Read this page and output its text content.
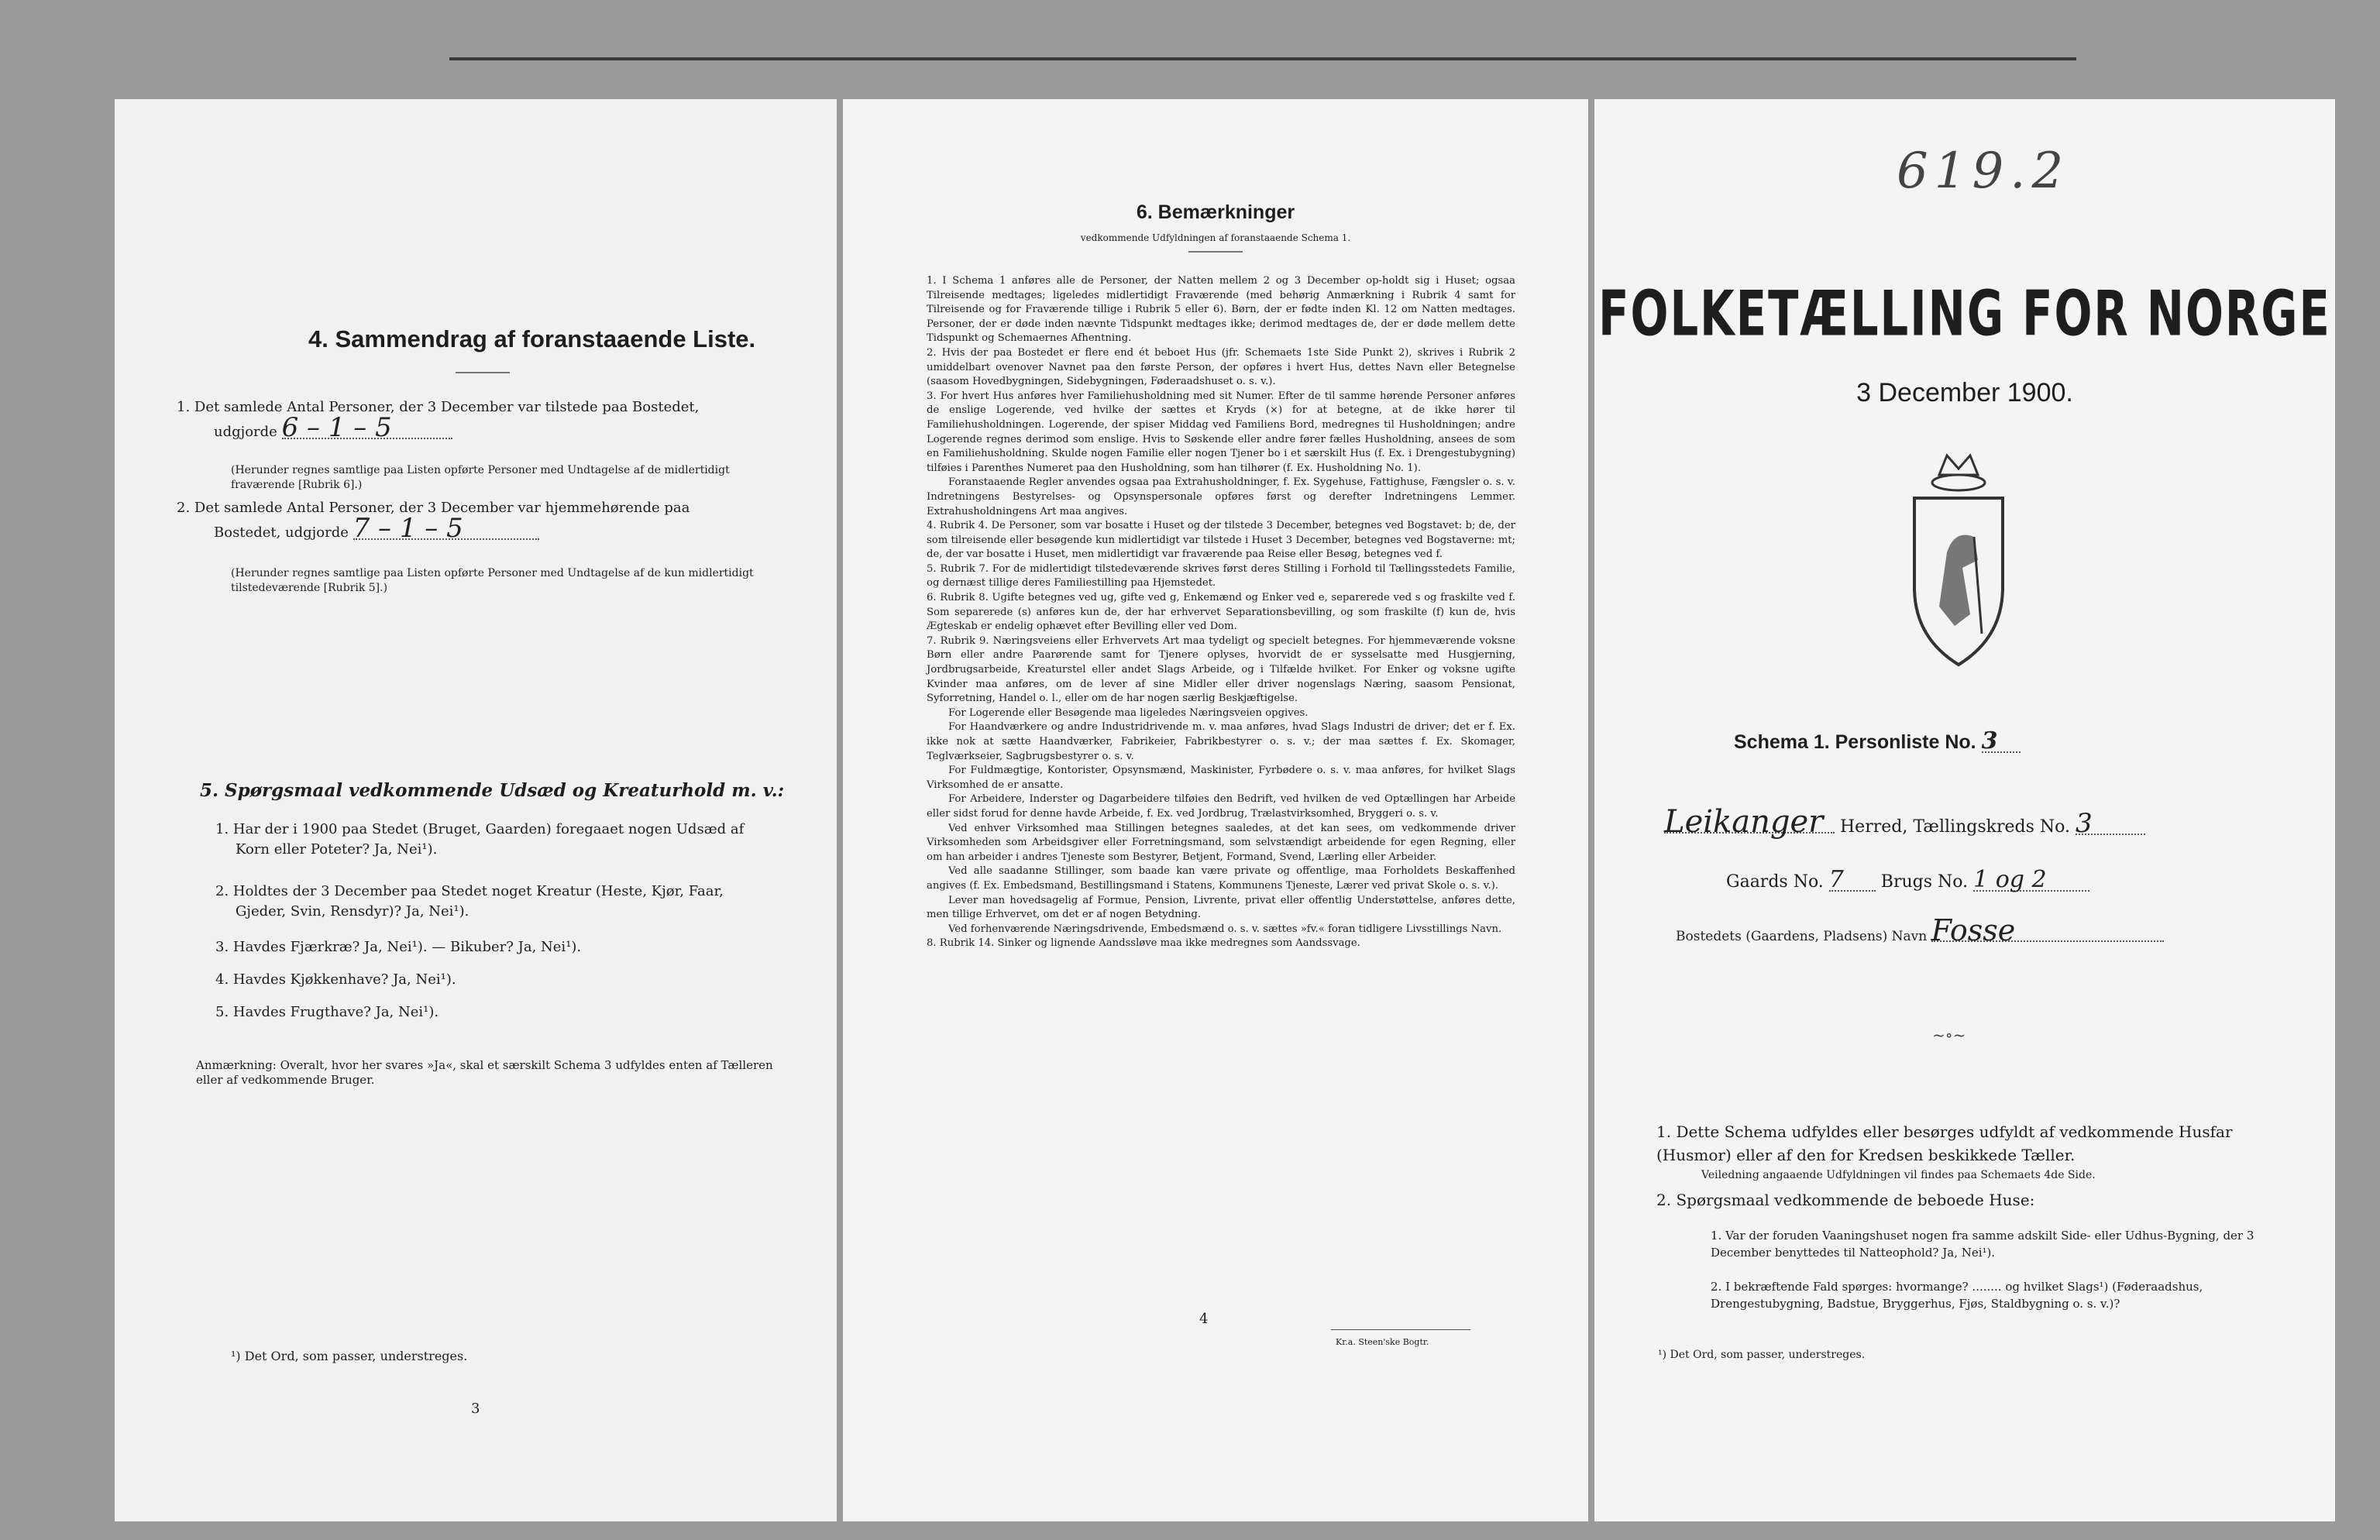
4. Sammendrag af foranstaaende Liste.
1. Det samlede Antal Personer, der 3 December var tilstede paa Bostedet,
udgjorde 6 – 1 – 5
(Herunder regnes samtlige paa Listen opførte Personer med Undtagelse af de midlertidigt fraværende [Rubrik 6].)
2. Det samlede Antal Personer, der 3 December var hjemmehørende paa
Bostedet, udgjorde 7 – 1 – 5
(Herunder regnes samtlige paa Listen opførte Personer med Undtagelse af de kun midlertidigt tilstedeværende [Rubrik 5].)
5. Spørgsmaal vedkommende Udsæd og Kreaturhold m. v.:
1. Har der i 1900 paa Stedet (Bruget, Gaarden) foregaaet nogen Udsæd af
Korn eller Poteter? Ja, Nei¹).
2. Holdtes der 3 December paa Stedet noget Kreatur (Heste, Kjør, Faar,
Gjeder, Svin, Rensdyr)? Ja, Nei¹).
3. Havdes Fjærkræ? Ja, Nei¹). — Bikuber? Ja, Nei¹).
4. Havdes Kjøkkenhave? Ja, Nei¹).
5. Havdes Frugthave? Ja, Nei¹).
Anmærkning: Overalt, hvor her svares »Ja«, skal et særskilt Schema 3 udfyldes enten af Tælleren eller af vedkommende Bruger.
¹) Det Ord, som passer, understreges.
3
6. Bemærkninger
vedkommende Udfyldningen af foranstaaende Schema 1.

1. I Schema 1 anføres alle de Personer, der Natten mellem 2 og 3 December op-holdt sig i Huset; ogsaa Tilreisende medtages; ligeledes midlertidigt Fraværende (med behørig Anmærkning i Rubrik 4 samt for Tilreisende og for Fraværende tillige i Rubrik 5 eller 6). Børn, der er fødte inden Kl. 12 om Natten medtages. Personer, der er døde inden nævnte Tidspunkt medtages ikke; derimod medtages de, der er døde mellem dette Tidspunkt og Schemaernes Afhentning.

2. Hvis der paa Bostedet er flere end ét beboet Hus (jfr. Schemaets 1ste Side Punkt 2), skrives i Rubrik 2 umiddelbart ovenover Navnet paa den første Person, der opføres i hvert Hus, dettes Navn eller Betegnelse (saasom Hovedbygningen, Sidebygningen, Føderaadshuset o. s. v.).

3. For hvert Hus anføres hver Familiehusholdning med sit Numer. Efter de til samme hørende Personer anføres de enslige Logerende, ved hvilke der sættes et Kryds (×) for at betegne, at de ikke hører til Familiehusholdningen. Logerende, der spiser Middag ved Familiens Bord, medregnes til Husholdningen; andre Logerende regnes derimod som enslige. Hvis to Søskende eller andre fører fælles Husholdning, ansees de som en Familiehusholdning. Skulde nogen Familie eller nogen Tjener bo i et særskilt Hus (f. Ex. i Drengestubygning) tilføies i Parenthes Numeret paa den Husholdning, som han tilhører (f. Ex. Husholdning No. 1).

Foranstaaende Regler anvendes ogsaa paa Extrahusholdninger, f. Ex. Sygehuse, Fattighuse, Fængsler o. s. v. Indretningens Bestyrelses- og Opsynspersonale opføres først og derefter Indretningens Lemmer. Extrahusholdningens Art maa angives.

4. Rubrik 4. De Personer, som var bosatte i Huset og der tilstede 3 December, betegnes ved Bogstavet: b; de, der som tilreisende eller besøgende kun midlertidigt var tilstede i Huset 3 December, betegnes ved Bogstaverne: mt; de, der var bosatte i Huset, men midlertidigt var fraværende paa Reise eller Besøg, betegnes ved f.

5. Rubrik 7. For de midlertidigt tilstedeværende skrives først deres Stilling i Forhold til Tællingsstedets Familie, og dernæst tillige deres Familiestilling paa Hjemstedet.

6. Rubrik 8. Ugifte betegnes ved ug, gifte ved g, Enkemænd og Enker ved e, separerede ved s og fraskilte ved f. Som separerede (s) anføres kun de, der har erhvervet Separationsbevilling, og som fraskilte (f) kun de, hvis Ægteskab er endelig ophævet efter Bevilling eller ved Dom.

7. Rubrik 9. Næringsveiens eller Erhvervets Art maa tydeligt og specielt betegnes. For hjemmeværende voksne Børn eller andre Paarørende samt for Tjenere oplyses, hvorvidt de er sysselsatte med Husgjerning, Jordbrugsarbeide, Kreaturstel eller andet Slags Arbeide, og i Tilfælde hvilket. For Enker og voksne ugifte Kvinder maa anføres, om de lever af sine Midler eller driver nogenslags Næring, saasom Pensionat, Syforretning, Handel o. l., eller om de har nogen særlig Beskjæftigelse.

For Logerende eller Besøgende maa ligeledes Næringsveien opgives.

For Haandværkere og andre Industridrivende m. v. maa anføres, hvad Slags Industri de driver; det er f. Ex. ikke nok at sætte Haandværker, Fabrikeier, Fabrikbestyrer o. s. v.; der maa sættes f. Ex. Skomager, Teglværkseier, Sagbrugsbestyrer o. s. v.

For Fuldmægtige, Kontorister, Opsynsmænd, Maskinister, Fyrbødere o. s. v. maa anføres, for hvilket Slags Virksomhed de er ansatte.

For Arbeidere, Inderster og Dagarbeidere tilføies den Bedrift, ved hvilken de ved Optællingen har Arbeide eller sidst forud for denne havde Arbeide, f. Ex. ved Jordbrug, Trælastvirksomhed, Bryggeri o. s. v.

Ved enhver Virksomhed maa Stillingen betegnes saaledes, at det kan sees, om vedkommende driver Virksomheden som Arbeidsgiver eller Forretningsmand, som selvstændigt arbeidende for egen Regning, eller om han arbeider i andres Tjeneste som Bestyrer, Betjent, Formand, Svend, Lærling eller Arbeider.

Ved alle saadanne Stillinger, som baade kan være private og offentlige, maa Forholdets Beskaffenhed angives (f. Ex. Embedsmand, Bestillingsmand i Statens, Kommunens Tjeneste, Lærer ved privat Skole o. s. v.).

Lever man hovedsagelig af Formue, Pension, Livrente, privat eller offentlig Understøttelse, anføres dette, men tillige Erhvervet, om det er af nogen Betydning.

Ved forhenværende Næringsdrivende, Embedsmænd o. s. v. sættes »fv.« foran tidligere Livsstillings Navn.

8. Rubrik 14. Sinker og lignende Aandssløve maa ikke medregnes som Aandssvage.

4
Kr.a. Steen'ske Bogtr.
619.2
FOLKETÆLLING FOR NORGE
3 December 1900.
Schema 1. Personliste No. 3
Leikanger Herred, Tællingskreds No. 3
Gaards No. 7 Brugs No. 1 og 2
Bostedets (Gaardens, Pladsens) Navn Fosse
~∘~
1. Dette Schema udfyldes eller besørges udfyldt af vedkommende Husfar (Husmor) eller af den for Kredsen beskikkede Tæller.
Veiledning angaaende Udfyldningen vil findes paa Schemaets 4de Side.
2. Spørgsmaal vedkommende de beboede Huse:
1. Var der foruden Vaaningshuset nogen fra samme adskilt Side- eller Udhus-Bygning, der 3 December benyttedes til Natteophold? Ja, Nei¹).
2. I bekræftende Fald spørges: hvormange? ........ og hvilket Slags¹) (Føderaadshus, Drengestubygning, Badstue, Bryggerhus, Fjøs, Staldbygning o. s. v.)?
¹) Det Ord, som passer, understreges.
